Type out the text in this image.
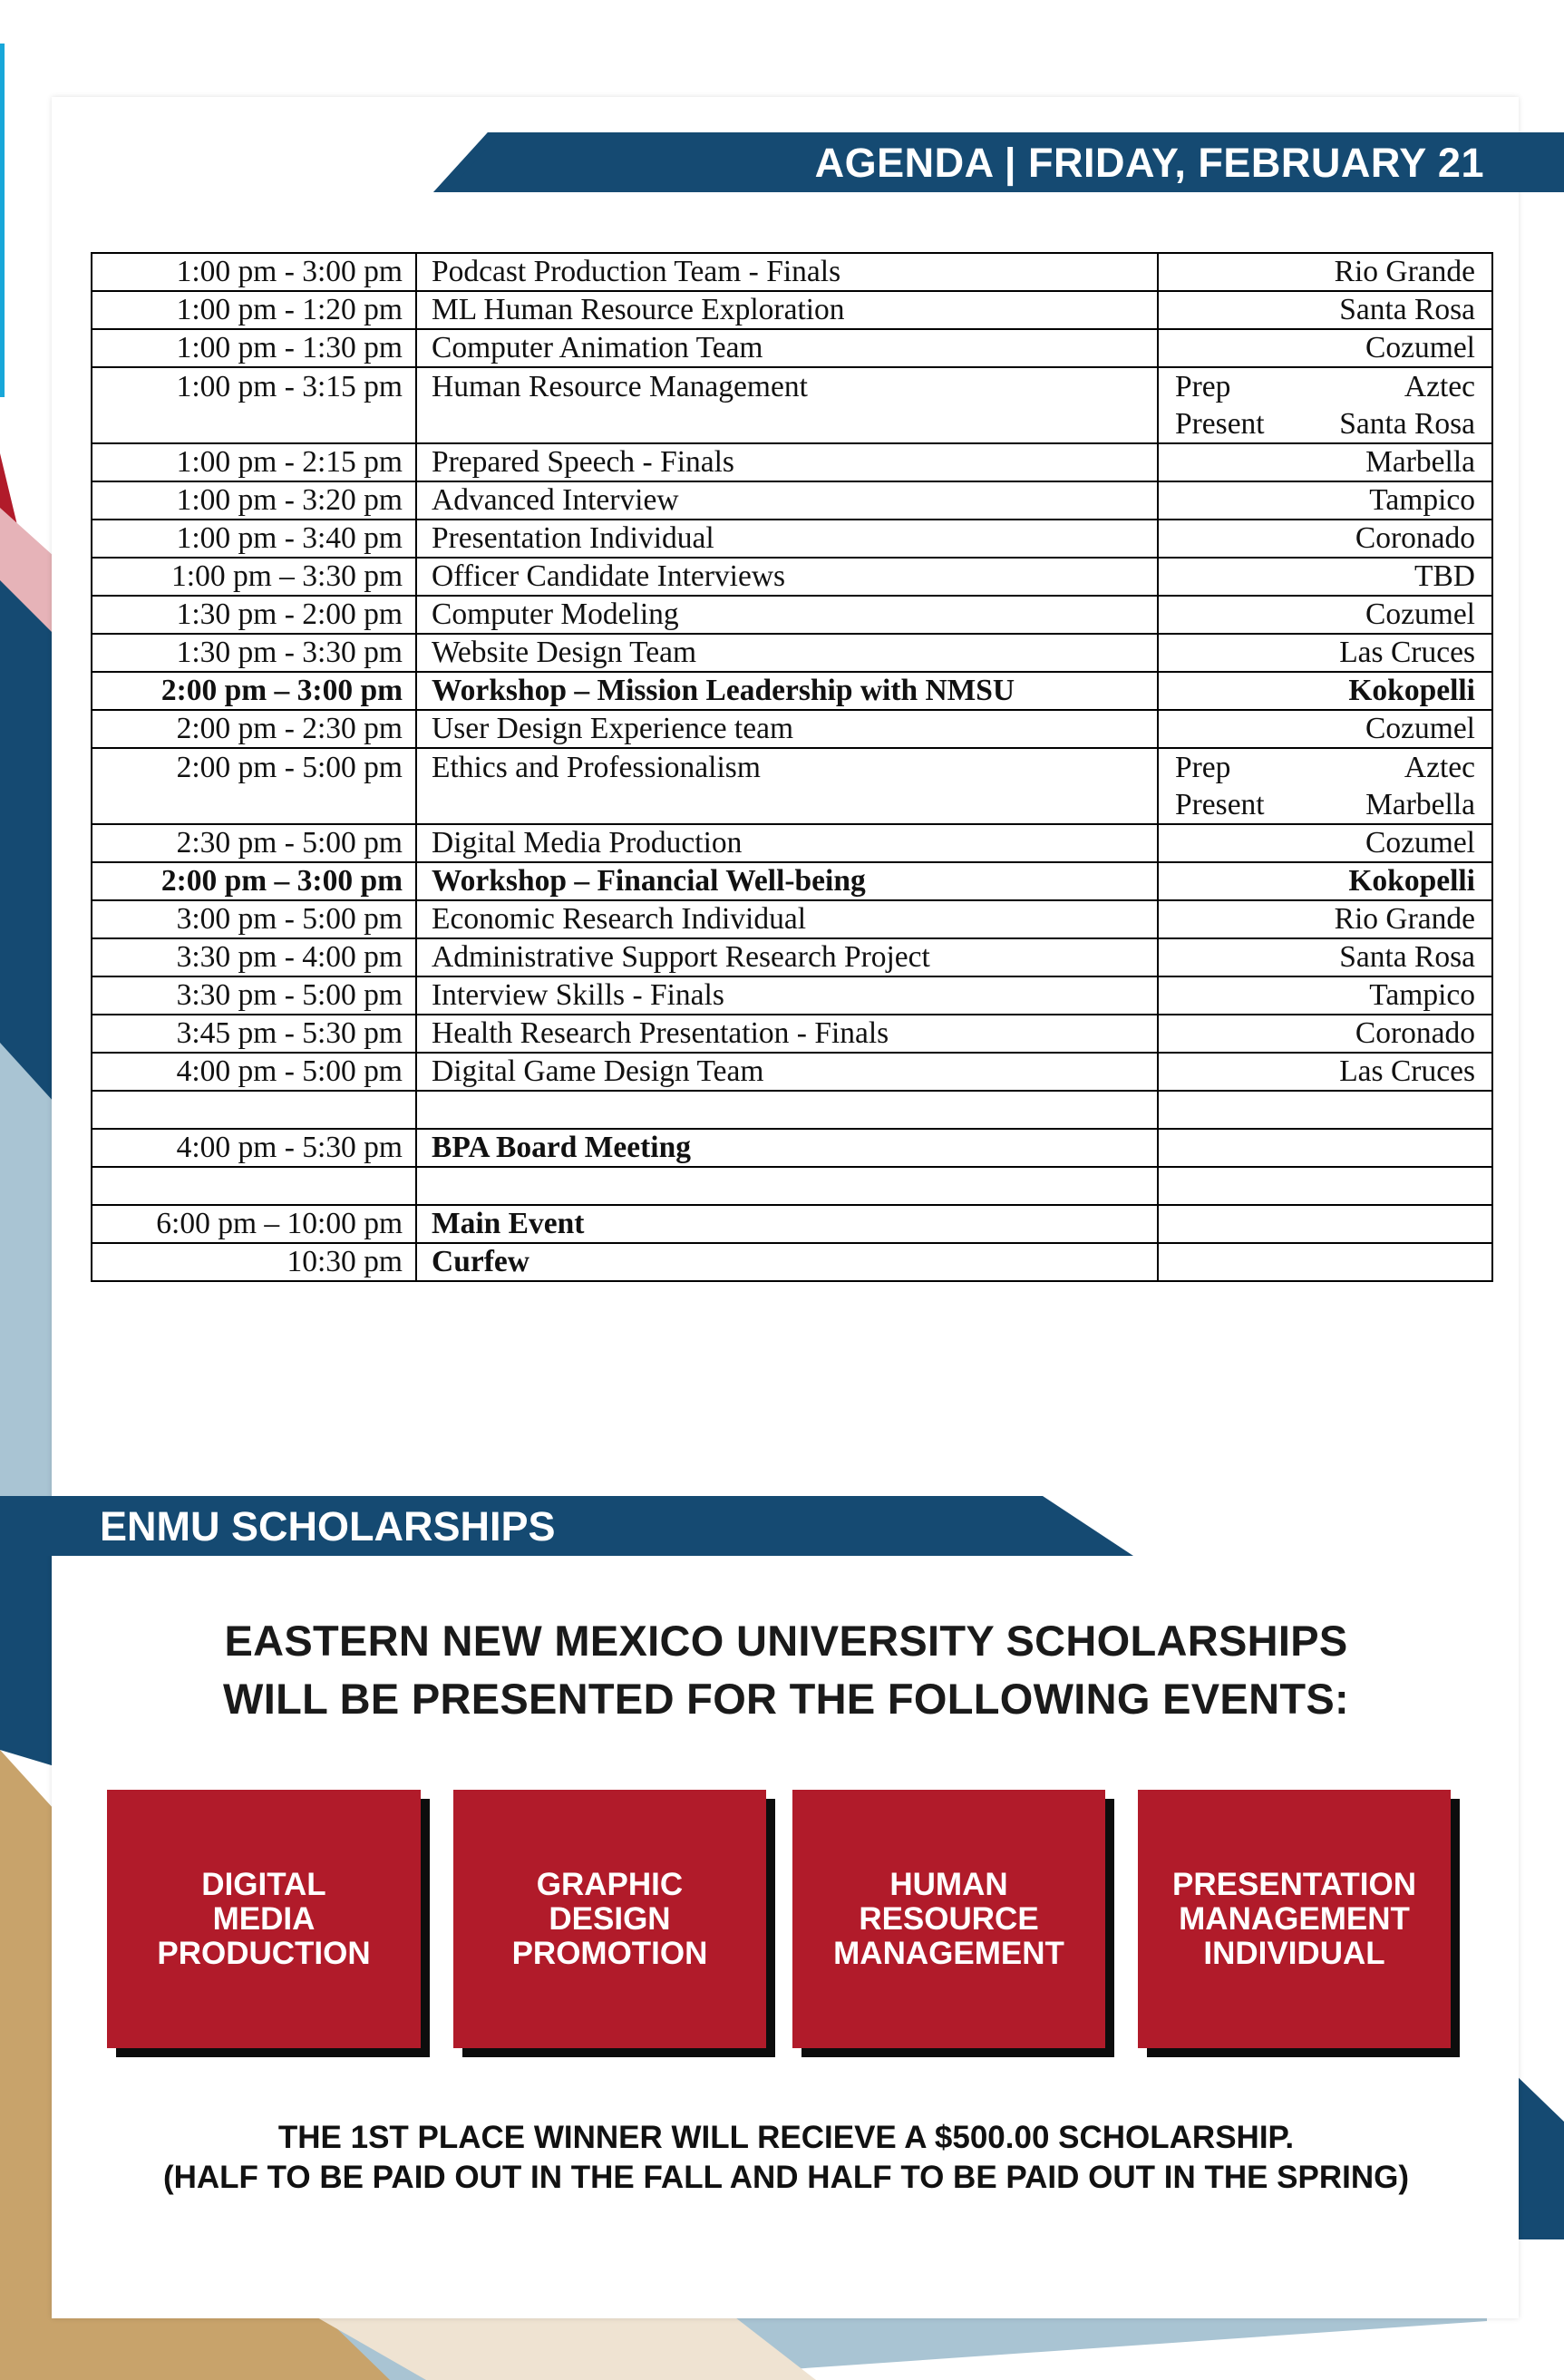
AGENDA | FRIDAY, FEBRUARY 21
1:00 pm - 3:00 pm	Podcast Production Team - Finals	Rio Grande
1:00 pm - 1:20 pm	ML Human Resource Exploration	Santa Rosa
1:00 pm - 1:30 pm	Computer Animation Team	Cozumel
1:00 pm - 3:15 pm	Human Resource Management	Prep Aztec
Present Santa Rosa

1:00 pm - 2:15 pm	Prepared Speech - Finals	Marbella
1:00 pm - 3:20 pm	Advanced Interview	Tampico
1:00 pm - 3:40 pm	Presentation Individual	Coronado
1:00 pm – 3:30 pm	Officer Candidate Interviews	TBD
1:30 pm - 2:00 pm	Computer Modeling	Cozumel
1:30 pm - 3:30 pm	Website Design Team	Las Cruces
2:00 pm – 3:00 pm	Workshop – Mission Leadership with NMSU	Kokopelli
2:00 pm - 2:30 pm	User Design Experience team	Cozumel
2:00 pm - 5:00 pm	Ethics and Professionalism	Prep Aztec
Present Marbella

2:30 pm - 5:00 pm	Digital Media Production	Cozumel
2:00 pm – 3:00 pm	Workshop – Financial Well-being	Kokopelli
3:00 pm - 5:00 pm	Economic Research Individual	Rio Grande
3:30 pm - 4:00 pm	Administrative Support Research Project	Santa Rosa
3:30 pm - 5:00 pm	Interview Skills - Finals	Tampico
3:45 pm - 5:30 pm	Health Research Presentation - Finals	Coronado
4:00 pm - 5:00 pm	Digital Game Design Team	Las Cruces

4:00 pm - 5:30 pm	BPA Board Meeting	

6:00 pm – 10:00 pm	Main Event	
10:30 pm	Curfew	
ENMU SCHOLARSHIPS
EASTERN NEW MEXICO UNIVERSITY SCHOLARSHIPS
WILL BE PRESENTED FOR THE FOLLOWING EVENTS:
DIGITAL
MEDIA
PRODUCTION
GRAPHIC
DESIGN
PROMOTION
HUMAN
RESOURCE
MANAGEMENT
PRESENTATION
MANAGEMENT
INDIVIDUAL
THE 1ST PLACE WINNER WILL RECIEVE A $500.00 SCHOLARSHIP.
(HALF TO BE PAID OUT IN THE FALL AND HALF TO BE PAID OUT IN THE SPRING)
